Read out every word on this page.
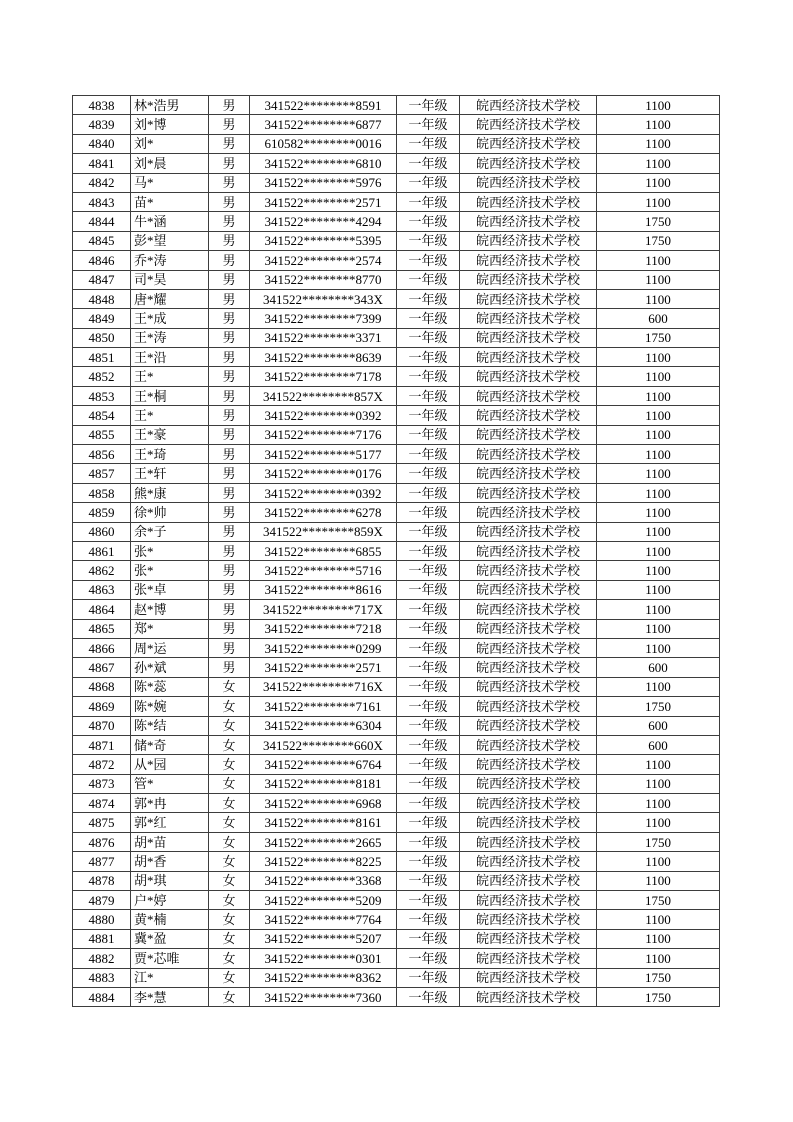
4838	林*浩男	男	341522********8591	一年级	皖西经济技术学校	1100
4839	刘*博	男	341522********6877	一年级	皖西经济技术学校	1100
4840	刘*	男	610582********0016	一年级	皖西经济技术学校	1100
4841	刘*晨	男	341522********6810	一年级	皖西经济技术学校	1100
4842	马*	男	341522********5976	一年级	皖西经济技术学校	1100
4843	苗*	男	341522********2571	一年级	皖西经济技术学校	1100
4844	牛*涵	男	341522********4294	一年级	皖西经济技术学校	1750
4845	彭*望	男	341522********5395	一年级	皖西经济技术学校	1750
4846	乔*涛	男	341522********2574	一年级	皖西经济技术学校	1100
4847	司*昊	男	341522********8770	一年级	皖西经济技术学校	1100
4848	唐*耀	男	341522********343X	一年级	皖西经济技术学校	1100
4849	王*成	男	341522********7399	一年级	皖西经济技术学校	600
4850	王*涛	男	341522********3371	一年级	皖西经济技术学校	1750
4851	王*沿	男	341522********8639	一年级	皖西经济技术学校	1100
4852	王*	男	341522********7178	一年级	皖西经济技术学校	1100
4853	王*桐	男	341522********857X	一年级	皖西经济技术学校	1100
4854	王*	男	341522********0392	一年级	皖西经济技术学校	1100
4855	王*豪	男	341522********7176	一年级	皖西经济技术学校	1100
4856	王*琦	男	341522********5177	一年级	皖西经济技术学校	1100
4857	王*轩	男	341522********0176	一年级	皖西经济技术学校	1100
4858	熊*康	男	341522********0392	一年级	皖西经济技术学校	1100
4859	徐*帅	男	341522********6278	一年级	皖西经济技术学校	1100
4860	余*子	男	341522********859X	一年级	皖西经济技术学校	1100
4861	张*	男	341522********6855	一年级	皖西经济技术学校	1100
4862	张*	男	341522********5716	一年级	皖西经济技术学校	1100
4863	张*卓	男	341522********8616	一年级	皖西经济技术学校	1100
4864	赵*博	男	341522********717X	一年级	皖西经济技术学校	1100
4865	郑*	男	341522********7218	一年级	皖西经济技术学校	1100
4866	周*运	男	341522********0299	一年级	皖西经济技术学校	1100
4867	孙*斌	男	341522********2571	一年级	皖西经济技术学校	600
4868	陈*蕊	女	341522********716X	一年级	皖西经济技术学校	1100
4869	陈*婉	女	341522********7161	一年级	皖西经济技术学校	1750
4870	陈*结	女	341522********6304	一年级	皖西经济技术学校	600
4871	储*奇	女	341522********660X	一年级	皖西经济技术学校	600
4872	从*园	女	341522********6764	一年级	皖西经济技术学校	1100
4873	管*	女	341522********8181	一年级	皖西经济技术学校	1100
4874	郭*冉	女	341522********6968	一年级	皖西经济技术学校	1100
4875	郭*红	女	341522********8161	一年级	皖西经济技术学校	1100
4876	胡*苗	女	341522********2665	一年级	皖西经济技术学校	1750
4877	胡*香	女	341522********8225	一年级	皖西经济技术学校	1100
4878	胡*琪	女	341522********3368	一年级	皖西经济技术学校	1100
4879	户*婷	女	341522********5209	一年级	皖西经济技术学校	1750
4880	黄*楠	女	341522********7764	一年级	皖西经济技术学校	1100
4881	冀*盈	女	341522********5207	一年级	皖西经济技术学校	1100
4882	贾*芯唯	女	341522********0301	一年级	皖西经济技术学校	1100
4883	江*	女	341522********8362	一年级	皖西经济技术学校	1750
4884	李*慧	女	341522********7360	一年级	皖西经济技术学校	1750
